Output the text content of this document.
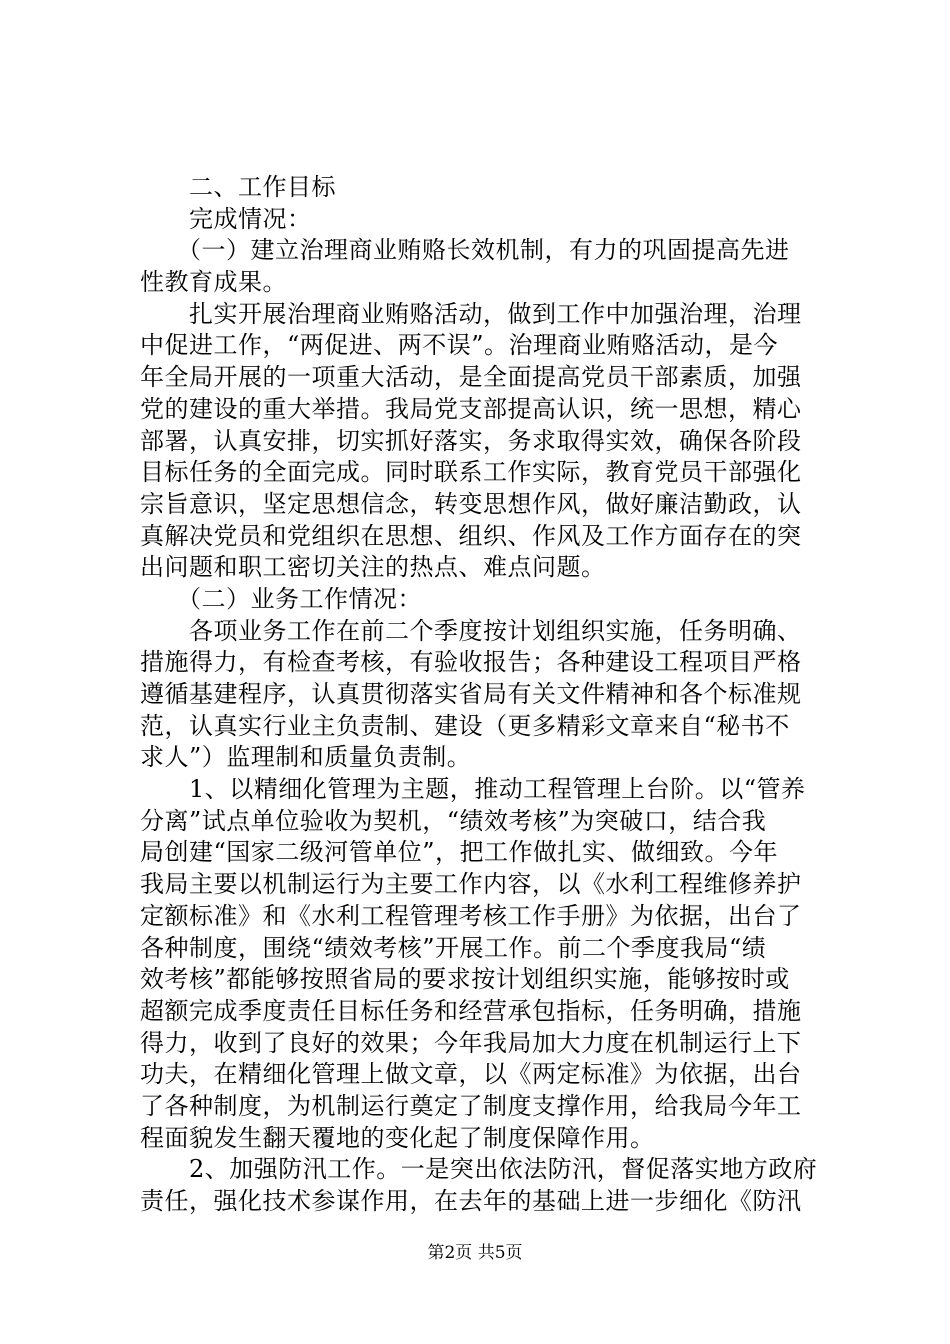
　　二、工作目标
　　完成情况：
　　（一）建立治理商业贿赂长效机制，有力的巩固提高先进
性教育成果。
　　扎实开展治理商业贿赂活动，做到工作中加强治理，治理
中促进工作，“两促进、两不误”。治理商业贿赂活动，是今
年全局开展的一项重大活动，是全面提高党员干部素质，加强
党的建设的重大举措。我局党支部提高认识，统一思想，精心
部署，认真安排，切实抓好落实，务求取得实效，确保各阶段
目标任务的全面完成。同时联系工作实际，教育党员干部强化
宗旨意识，坚定思想信念，转变思想作风，做好廉洁勤政，认
真解决党员和党组织在思想、组织、作风及工作方面存在的突
出问题和职工密切关注的热点、难点问题。
　　（二）业务工作情况：
　　各项业务工作在前二个季度按计划组织实施，任务明确、
措施得力，有检查考核，有验收报告；各种建设工程项目严格
遵循基建程序，认真贯彻落实省局有关文件精神和各个标准规
范，认真实行业主负责制、建设（更多精彩文章来自“秘书不
求人”）监理制和质量负责制。
　　1、以精细化管理为主题，推动工程管理上台阶。以“管养
分离”试点单位验收为契机，“绩效考核”为突破口，结合我
局创建“国家二级河管单位”，把工作做扎实、做细致。今年
我局主要以机制运行为主要工作内容，以《水利工程维修养护
定额标准》和《水利工程管理考核工作手册》为依据，出台了
各种制度，围绕“绩效考核”开展工作。前二个季度我局“绩
效考核”都能够按照省局的要求按计划组织实施，能够按时或
超额完成季度责任目标任务和经营承包指标，任务明确，措施
得力，收到了良好的效果；今年我局加大力度在机制运行上下
功夫，在精细化管理上做文章，以《两定标准》为依据，出台
了各种制度，为机制运行奠定了制度支撑作用，给我局今年工
程面貌发生翻天覆地的变化起了制度保障作用。
　　2、加强防汛工作。一是突出依法防汛，督促落实地方政府
责任，强化技术参谋作用，在去年的基础上进一步细化《防汛
第2页 共5页
